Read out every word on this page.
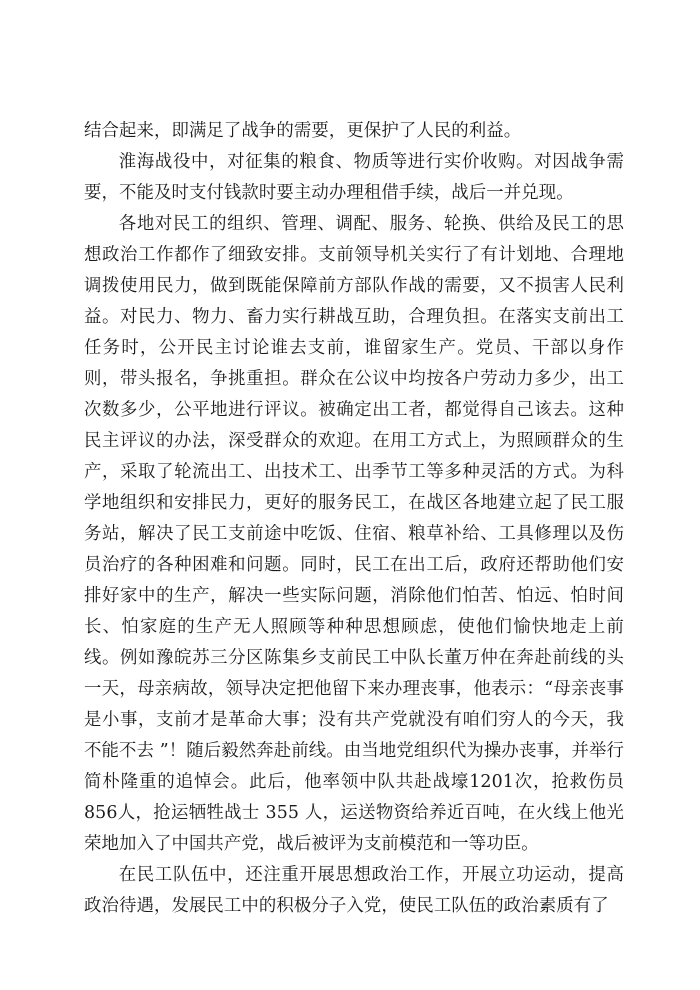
结合起来，即满足了战争的需要，更保护了人民的利益。

淮海战役中，对征集的粮食、物质等进行实价收购。对因战争需要，不能及时支付钱款时要主动办理租借手续，战后一并兑现。

各地对民工的组织、管理、调配、服务、轮换、供给及民工的思想政治工作都作了细致安排。支前领导机关实行了有计划地、合理地调拨使用民力，做到既能保障前方部队作战的需要，又不损害人民利益。对民力、物力、畜力实行耕战互助，合理负担。在落实支前出工任务时，公开民主讨论谁去支前，谁留家生产。党员、干部以身作则，带头报名，争挑重担。群众在公议中均按各户劳动力多少，出工次数多少，公平地进行评议。被确定出工者，都觉得自己该去。这种民主评议的办法，深受群众的欢迎。在用工方式上，为照顾群众的生产，采取了轮流出工、出技术工、出季节工等多种灵活的方式。为科学地组织和安排民力，更好的服务民工，在战区各地建立起了民工服务站，解决了民工支前途中吃饭、住宿、粮草补给、工具修理以及伤员治疗的各种困难和问题。同时，民工在出工后，政府还帮助他们安排好家中的生产，解决一些实际问题，消除他们怕苦、怕远、怕时间长、怕家庭的生产无人照顾等种种思想顾虑，使他们愉快地走上前线。例如豫皖苏三分区陈集乡支前民工中队长董万仲在奔赴前线的头一天，母亲病故，领导决定把他留下来办理丧事，他表示：“母亲丧事是小事，支前才是革命大事；没有共产党就没有咱们穷人的今天，我不能不去 ”！随后毅然奔赴前线。由当地党组织代为操办丧事，并举行简朴隆重的追悼会。此后，他率领中队共赴战壕1201次，抢救伤员 856人，抢运牺牲战士 355 人，运送物资给养近百吨，在火线上他光荣地加入了中国共产党，战后被评为支前模范和一等功臣。

在民工队伍中，还注重开展思想政治工作，开展立功运动，提高政治待遇，发展民工中的积极分子入党，使民工队伍的政治素质有了
